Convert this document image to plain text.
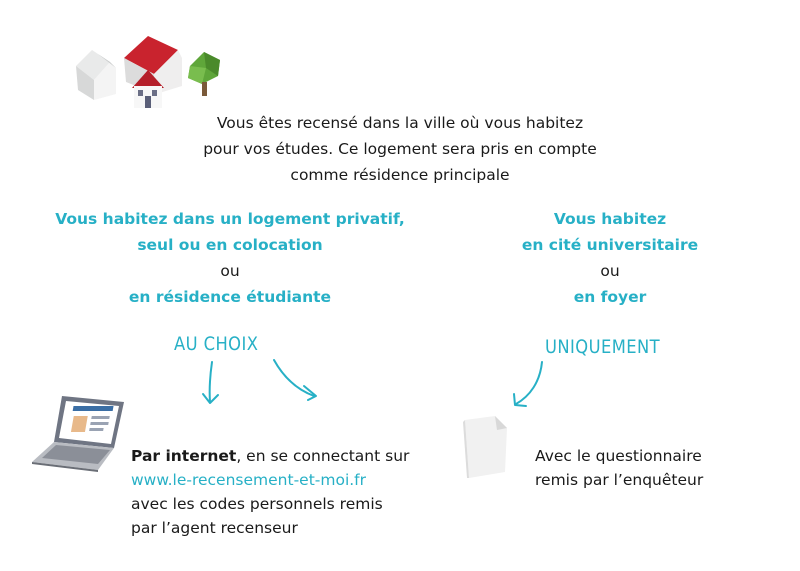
Vous êtes recensé dans la ville où vous habitez
pour vos études. Ce logement sera pris en compte
comme résidence principale
Vous habitez dans un logement privatif,
seul ou en colocation
ou
en résidence étudiante
Vous habitez
en cité universitaire
ou
en foyer
AU CHOIX	UNIQUEMENT
Par internet, en se connectant sur
www.le-recensement-et-moi.fr
avec les codes personnels remis
par l’agent recenseur
Avec le questionnaire
remis par l’enquêteur
